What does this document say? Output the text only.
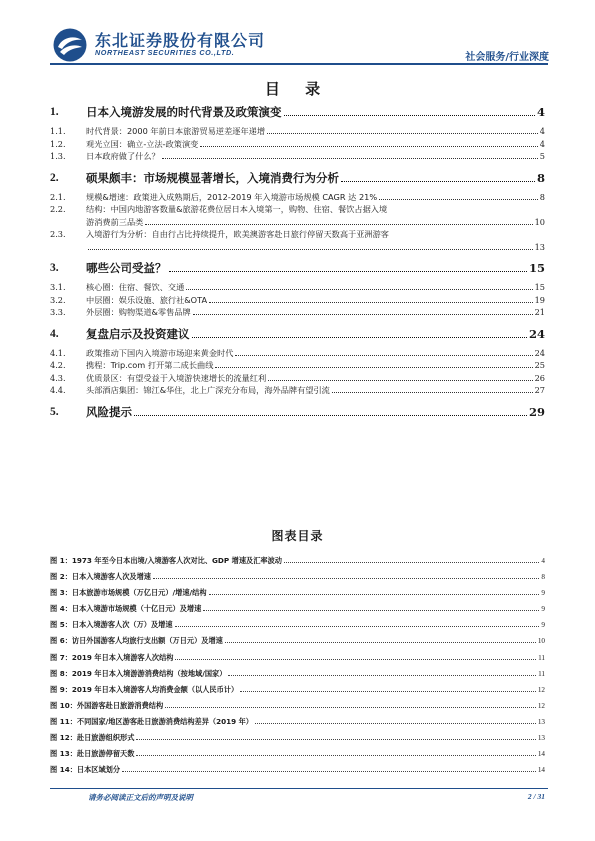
东北证券股份有限公司
NORTHEAST SECURITIES CO.,LTD.	社会服务/行业深度
目 录
1. 日本入境游发展的时代背景及政策演变	4
1.1. 时代背景：2000 年前日本旅游贸易逆差逐年递增	4
1.2. 观光立国：确立-立法-政策演变	4
1.3. 日本政府做了什么？	5
2. 硕果颇丰：市场规模显著增长，入境消费行为分析	8
2.1. 规模&增速：政策进入成熟期后，2012-2019 年入境游市场规模 CAGR 达 21%	8
2.2. 结构：中国内地游客数量&旅游花费位居日本入境第一，购物、住宿、餐饮占据入境
游消费前三品类	10
2.3. 入境游行为分析：自由行占比持续提升，欧美澳游客赴日旅行停留天数高于亚洲游客
13
3. 哪些公司受益？	15
3.1. 核心圈：住宿、餐饮、交通	15
3.2. 中层圈：娱乐设施、旅行社&OTA	19
3.3. 外层圈：购物渠道&零售品牌	21
4. 复盘启示及投资建议	24
4.1. 政策推动下国内入境游市场迎来黄金时代	24
4.2. 携程：Trip.com 打开第二成长曲线	25
4.3. 优质景区：有望受益于入境游快速增长的流量红利	26
4.4. 头部酒店集团：锦江&华住，北上广深充分布局，海外品牌有望引流	27
5. 风险提示	29
图表目录
图 1：1973 年至今日本出境/入境游客人次对比、GDP 增速及汇率波动	4
图 2：日本入境游客人次及增速	8
图 3：日本旅游市场规模（万亿日元）/增速/结构	9
图 4：日本入境游市场规模（十亿日元）及增速	9
图 5：日本入境游客人次（万）及增速	9
图 6：访日外国游客人均旅行支出额（万日元）及增速	10
图 7：2019 年日本入境游客人次结构	11
图 8：2019 年日本入境游游消费结构（按地域/国家）	11
图 9：2019 年日本入境游客人均消费金额（以人民币计）	12
图 10：外国游客赴日旅游消费结构	12
图 11：不同国家/地区游客赴日旅游消费结构差异（2019 年）	13
图 12：赴日旅游组织形式	13
图 13：赴日旅游停留天数	14
图 14：日本区域划分	14
请务必阅读正文后的声明及说明	2 / 31
